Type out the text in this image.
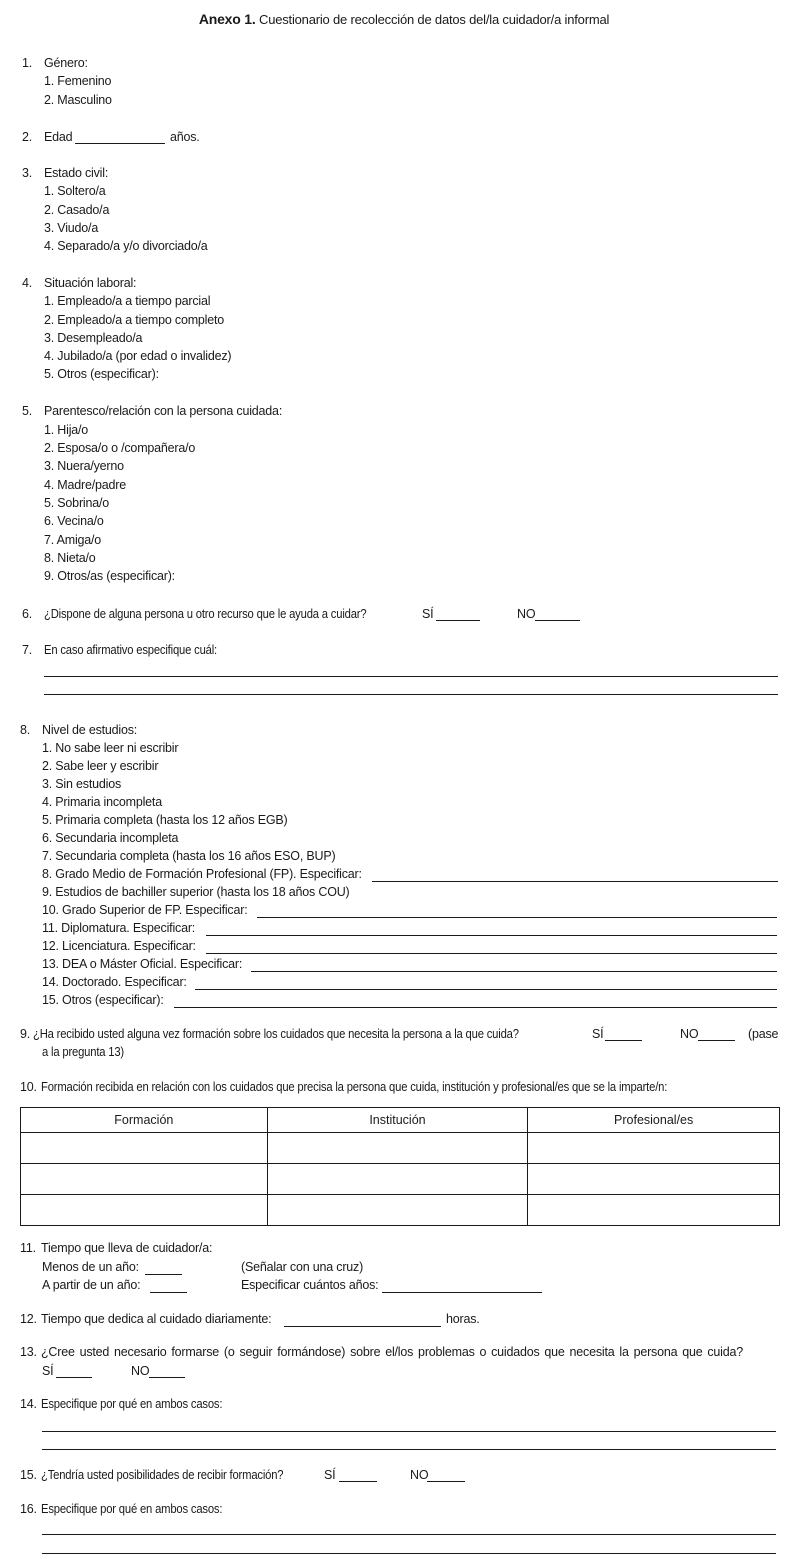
Anexo 1. Cuestionario de recolección de datos del/la cuidador/a informal
1. Género:
1. Femenino
2. Masculino
2. Edad	años.
3. Estado civil:
1. Soltero/a
2. Casado/a
3. Viudo/a
4. Separado/a y/o divorciado/a
4. Situación laboral:
1. Empleado/a a tiempo parcial
2. Empleado/a a tiempo completo
3. Desempleado/a
4. Jubilado/a (por edad o invalidez)
5. Otros (especificar):
5. Parentesco/relación con la persona cuidada:
1. Hija/o
2. Esposa/o o /compañera/o
3. Nuera/yerno
4. Madre/padre
5. Sobrina/o
6. Vecina/o
7. Amiga/o
8. Nieta/o
9. Otros/as (especificar):
6. ¿Dispone de alguna persona u otro recurso que le ayuda a cuidar?	SÍ	NO
7. En caso afirmativo especifique cuál:
8. Nivel de estudios:
1. No sabe leer ni escribir
2. Sabe leer y escribir
3. Sin estudios
4. Primaria incompleta
5. Primaria completa (hasta los 12 años EGB)
6. Secundaria incompleta
7. Secundaria completa (hasta los 16 años ESO, BUP)
8. Grado Medio de Formación Profesional (FP). Especificar:
9. Estudios de bachiller superior (hasta los 18 años COU)
10. Grado Superior de FP. Especificar:
11. Diplomatura. Especificar:
12. Licenciatura. Especificar:
13. DEA o Máster Oficial. Especificar:
14. Doctorado. Especificar:
15. Otros (especificar):
9. ¿Ha recibido usted alguna vez formación sobre los cuidados que necesita la persona a la que cuida?	SÍ	NO	(pase
a la pregunta 13)
10. Formación recibida en relación con los cuidados que precisa la persona que cuida, institución y profesional/es que se la imparte/n:
Formación	Institución	Profesional/es

11. Tiempo que lleva de cuidador/a:
Menos de un año:	(Señalar con una cruz)
A partir de un año:	Especificar cuántos años:
12. Tiempo que dedica al cuidado diariamente:	horas.
13. ¿Cree usted necesario formarse (o seguir formándose) sobre el/los problemas o cuidados que necesita la persona que cuida?
SÍ	NO
14. Especifique por qué en ambos casos:
15. ¿Tendría usted posibilidades de recibir formación?	SÍ	NO
16. Especifique por qué en ambos casos:
